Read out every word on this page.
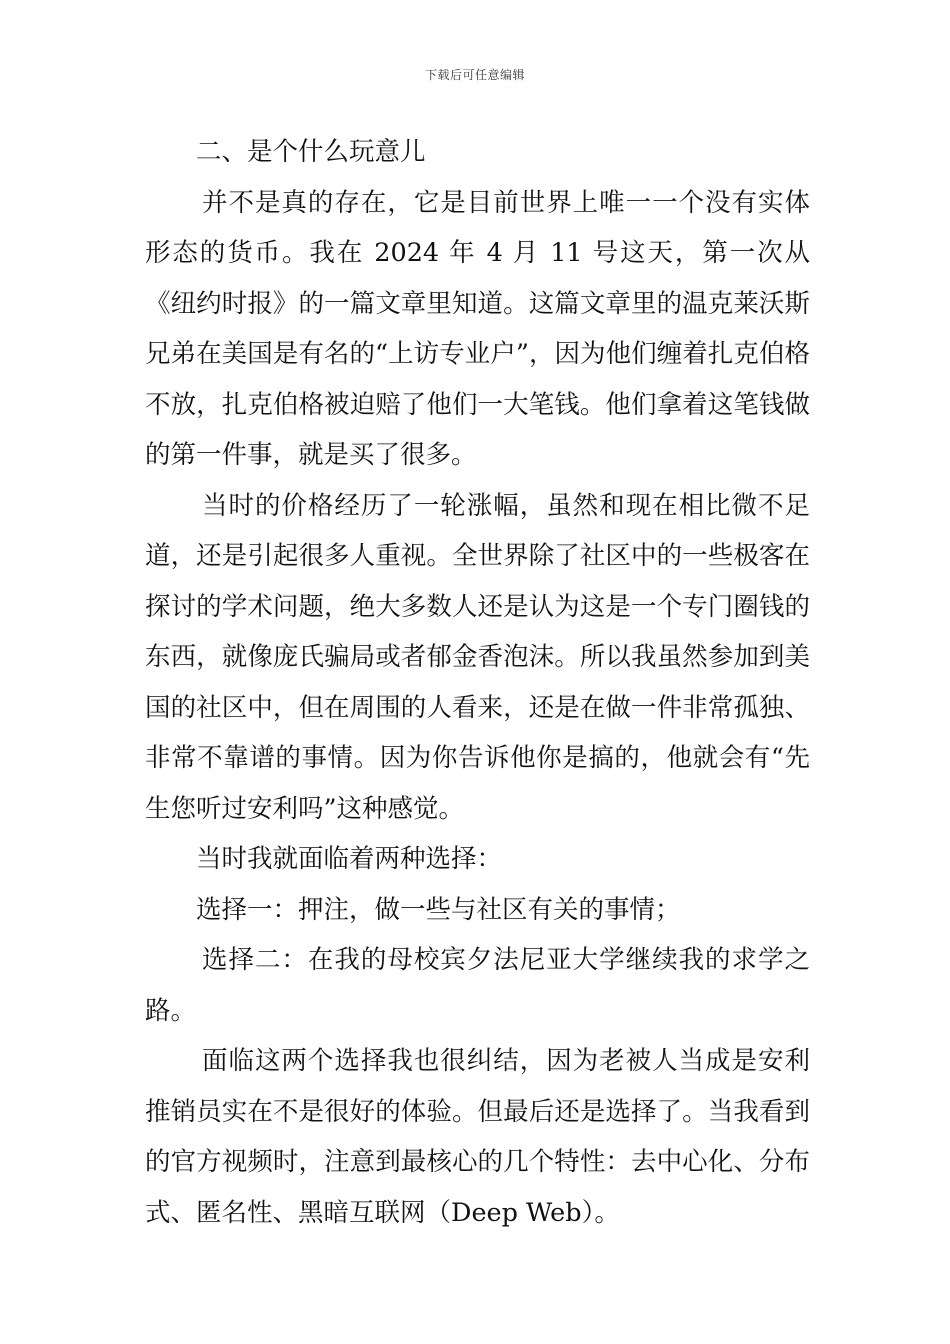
下载后可任意编辑

二、是个什么玩意儿

并不是真的存在，它是目前世界上唯一一个没有实体形态的货币。我在 2024 年 4 月 11 号这天，第一次从《纽约时报》的一篇文章里知道。这篇文章里的温克莱沃斯兄弟在美国是有名的“上访专业户”，因为他们缠着扎克伯格不放，扎克伯格被迫赔了他们一大笔钱。他们拿着这笔钱做的第一件事，就是买了很多。

当时的价格经历了一轮涨幅，虽然和现在相比微不足道，还是引起很多人重视。全世界除了社区中的一些极客在探讨的学术问题，绝大多数人还是认为这是一个专门圈钱的东西，就像庞氏骗局或者郁金香泡沫。所以我虽然参加到美国的社区中，但在周围的人看来，还是在做一件非常孤独、非常不靠谱的事情。因为你告诉他你是搞的，他就会有“先生您听过安利吗”这种感觉。

当时我就面临着两种选择：

选择一：押注，做一些与社区有关的事情；

选择二：在我的母校宾夕法尼亚大学继续我的求学之路。

面临这两个选择我也很纠结，因为老被人当成是安利推销员实在不是很好的体验。但最后还是选择了。当我看到的官方视频时，注意到最核心的几个特性：去中心化、分布式、匿名性、黑暗互联网（Deep Web）。
